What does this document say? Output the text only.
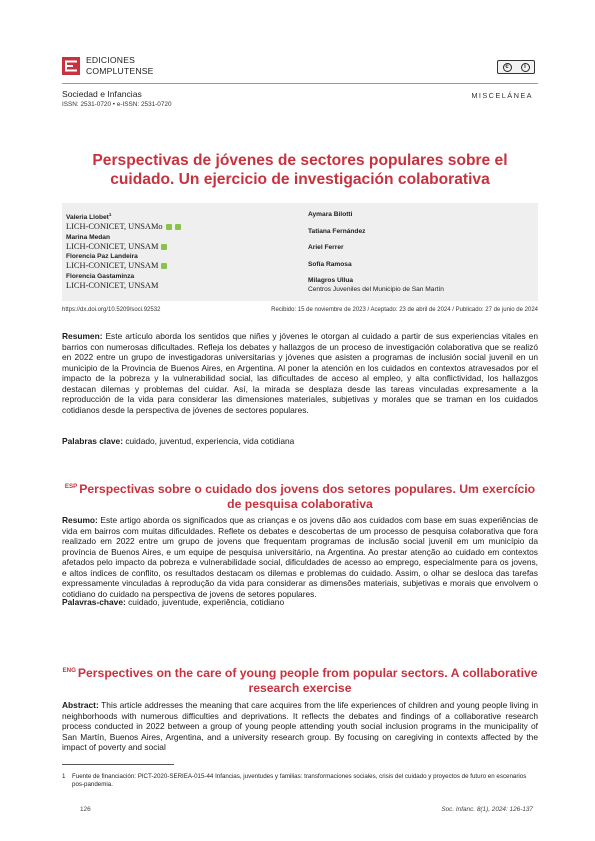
EDICIONES
COMPLUTENSE	c	i
Sociedad e Infancias
ISSN: 2531-0720 • e-ISSN: 2531-0720
MISCELÁNEA
Perspectivas de jóvenes de sectores populares sobre el cuidado. Un ejercicio de investigación colaborativa
Valeria Llobet$^1$
LICH-CONICET, UNSAMo
Marina Medan
LICH-CONICET, UNSAM
Florencia Paz Landeira
LICH-CONICET, UNSAM
Florencia Gastaminza
LICH-CONICET, UNSAM
Aymara Bilotti
Tatiana Fernández
Ariel Ferrer
Sofía Ramosa
Milagros Ullua
Centros Juveniles del Municipio de San Martín
https://dx.doi.org/10.5209/soci.92532	Recibido: 15 de noviembre de 2023 / Aceptado: 23 de abril de 2024 / Publicado: 27 de junio de 2024
Resumen: Este artículo aborda los sentidos que niñes y jóvenes le otorgan al cuidado a partir de sus experiencias vitales en barrios con numerosas dificultades. Refleja los debates y hallazgos de un proceso de investigación colaborativa que se realizó en 2022 entre un grupo de investigadoras universitarias y jóvenes que asisten a programas de inclusión social juvenil en un municipio de la Provincia de Buenos Aires, en Argentina. Al poner la atención en los cuidados en contextos atravesados por el impacto de la pobreza y la vulnerabilidad social, las dificultades de acceso al empleo, y alta conflictividad, los hallazgos destacan dilemas y problemas del cuidar. Así, la mirada se desplaza desde las tareas vinculadas expresamente a la reproducción de la vida para considerar las dimensiones materiales, subjetivas y morales que se traman en los cuidados cotidianos desde la perspectiva de jóvenes de sectores populares.
Palabras clave: cuidado, juventud, experiencia, vida cotidiana
$^{ESP}$ Perspectivas sobre o cuidado dos jovens dos setores populares. Um exercício de pesquisa colaborativa
Resumo: Este artigo aborda os significados que as crianças e os jovens dão aos cuidados com base em suas experiências de vida em bairros com muitas dificuldades. Reflete os debates e descobertas de um processo de pesquisa colaborativa que fora realizado em 2022 entre um grupo de jovens que frequentam programas de inclusão social juvenil em um município da província de Buenos Aires, e um equipe de pesquisa universitário, na Argentina. Ao prestar atenção ao cuidado em contextos afetados pelo impacto da pobreza e vulnerabilidade social, dificuldades de acesso ao emprego, especialmente para os jovens, e altos índices de conflito, os resultados destacam os dilemas e problemas do cuidado. Assim, o olhar se desloca das tarefas expressamente vinculadas à reprodução da vida para considerar as dimensões materiais, subjetivas e morais que envolvem o cotidiano do cuidado na perspectiva de jovens de setores populares.
Palavras-chave: cuidado, juventude, experiência, cotidiano
$^{ENG}$ Perspectives on the care of young people from popular sectors. A collaborative research exercise
Abstract: This article addresses the meaning that care acquires from the life experiences of children and young people living in neighborhoods with numerous difficulties and deprivations. It reflects the debates and findings of a collaborative research process conducted in 2022 between a group of young people attending youth social inclusion programs in the municipality of San Martín, Buenos Aires, Argentina, and a university research group. By focusing on caregiving in contexts affected by the impact of poverty and social
1 Fuente de financiación: PICT-2020-SERIEA-015-44 Infancias, juventudes y familias: transformaciones sociales, crisis del cuidado y proyectos de futuro en escenarios pos-pandemia.
126	Soc. Infanc. 8(1), 2024: 126-137
